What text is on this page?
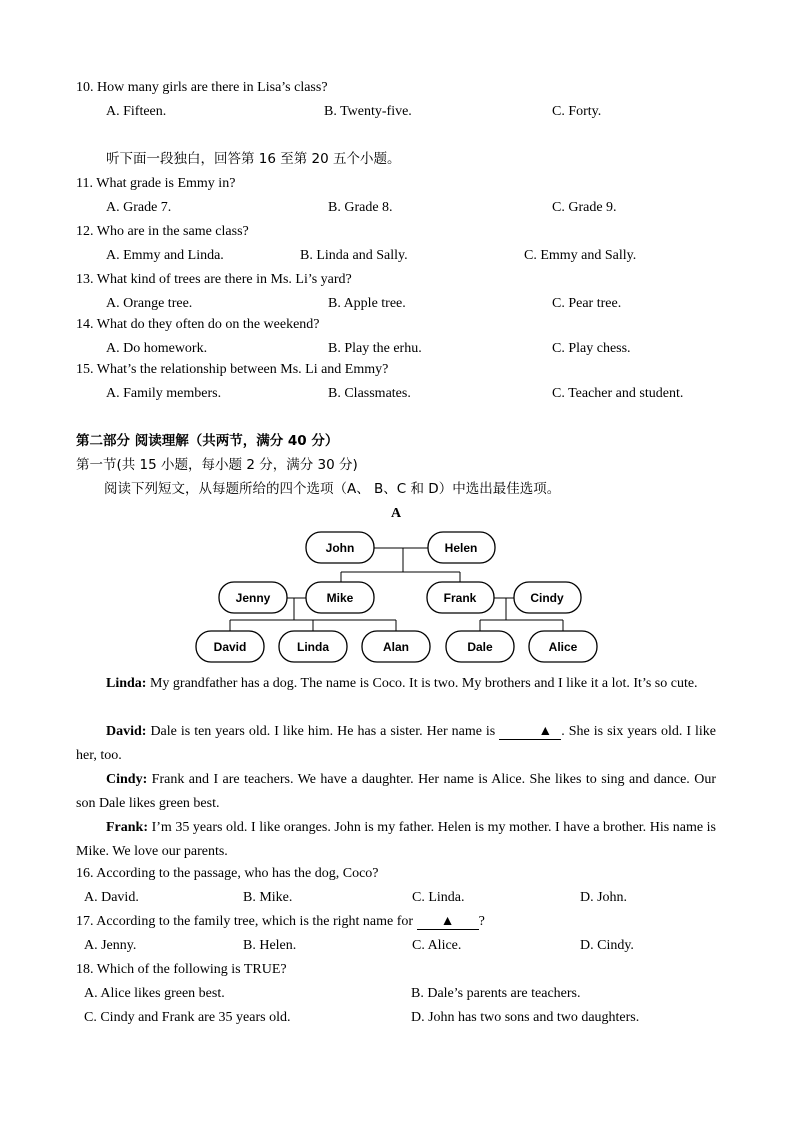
10. How many girls are there in Lisa’s class?
A. Fifteen.	B. Twenty-five.	C. Forty.
听下面一段独白，回答第 16 至第 20 五个小题。
11. What grade is Emmy in?
A. Grade 7.	B. Grade 8.	C. Grade 9.
12. Who are in the same class?
A. Emmy and Linda.	B. Linda and Sally.	C. Emmy and Sally.
13. What kind of trees are there in Ms. Li’s yard?
A. Orange tree.	B. Apple tree.	C. Pear tree.
14. What do they often do on the weekend?
A. Do homework.	B. Play the erhu.	C. Play chess.
15. What’s the relationship between Ms. Li and Emmy?
A. Family members.	B. Classmates.	C. Teacher and student.
第二部分 阅读理解（共两节，满分 40 分）
第一节(共 15 小题，每小题 2 分，满分 30 分)
阅读下列短文，从每题所给的四个选项（A、 B、C 和 D）中选出最佳选项。
A
John	Helen
Jenny	Mike	Frank	Cindy
David	Linda	Alan	Dale	Alice
Linda: My grandfather has a dog. The name is Coco. It is two. My brothers and I like it a lot. It’s so cute.
David: Dale is ten years old. I like him. He has a sister. Her name is	▲ . She is six years old. I like her, too.
Cindy: Frank and I are teachers. We have a daughter. Her name is Alice. She likes to sing and dance. Our son Dale likes green best.
Frank: I’m 35 years old. I like oranges. John is my father. Helen is my mother. I have a brother. His name is Mike. We love our parents.
16. According to the passage, who has the dog, Coco?
A. David.	B. Mike.	C. Linda.	D. John.
17. According to the family tree, which is the right name for ▲ ?
A. Jenny.	B. Helen.	C. Alice.	D. Cindy.
18. Which of the following is TRUE?
A. Alice likes green best.	B. Dale’s parents are teachers.
C. Cindy and Frank are 35 years old.	D. John has two sons and two daughters.
